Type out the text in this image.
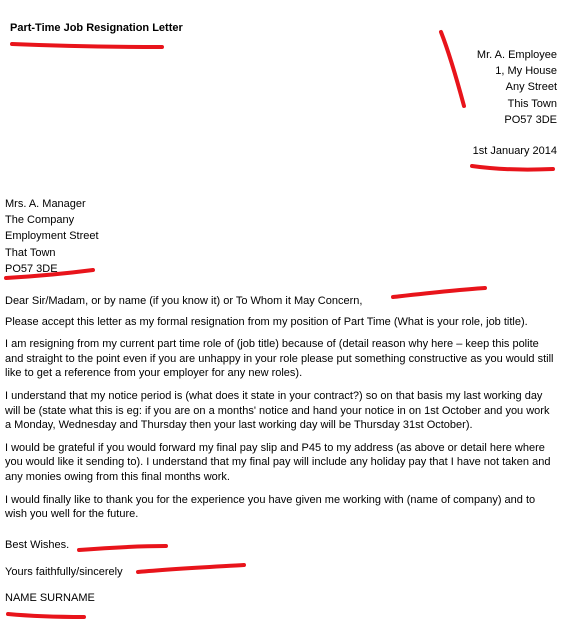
Part-Time Job Resignation Letter
Mr. A. Employee
1, My House
Any Street
This Town
PO57 3DE
1st January 2014
Mrs. A. Manager
The Company
Employment Street
That Town
PO57 3DE

Dear Sir/Madam, or by name (if you know it) or To Whom it May Concern,

Please accept this letter as my formal resignation from my position of Part Time (What is your role, job title).

I am resigning from my current part time role of (job title) because of (detail reason why here – keep this polite and straight to the point even if you are unhappy in your role please put something constructive as you would still like to get a reference from your employer for any new roles).

I understand that my notice period is (what does it state in your contract?) so on that basis my last working day will be (state what this is eg: if you are on a months' notice and hand your notice in on 1st October and you work a Monday, Wednesday and Thursday then your last working day will be Thursday 31st October).

I would be grateful if you would forward my final pay slip and P45 to my address (as above or detail here where you would like it sending to). I understand that my final pay will include any holiday pay that I have not taken and any monies owing from this final months work.

I would finally like to thank you for the experience you have given me working with (name of company) and to wish you well for the future.

Best Wishes.
Yours faithfully/sincerely
NAME SURNAME
